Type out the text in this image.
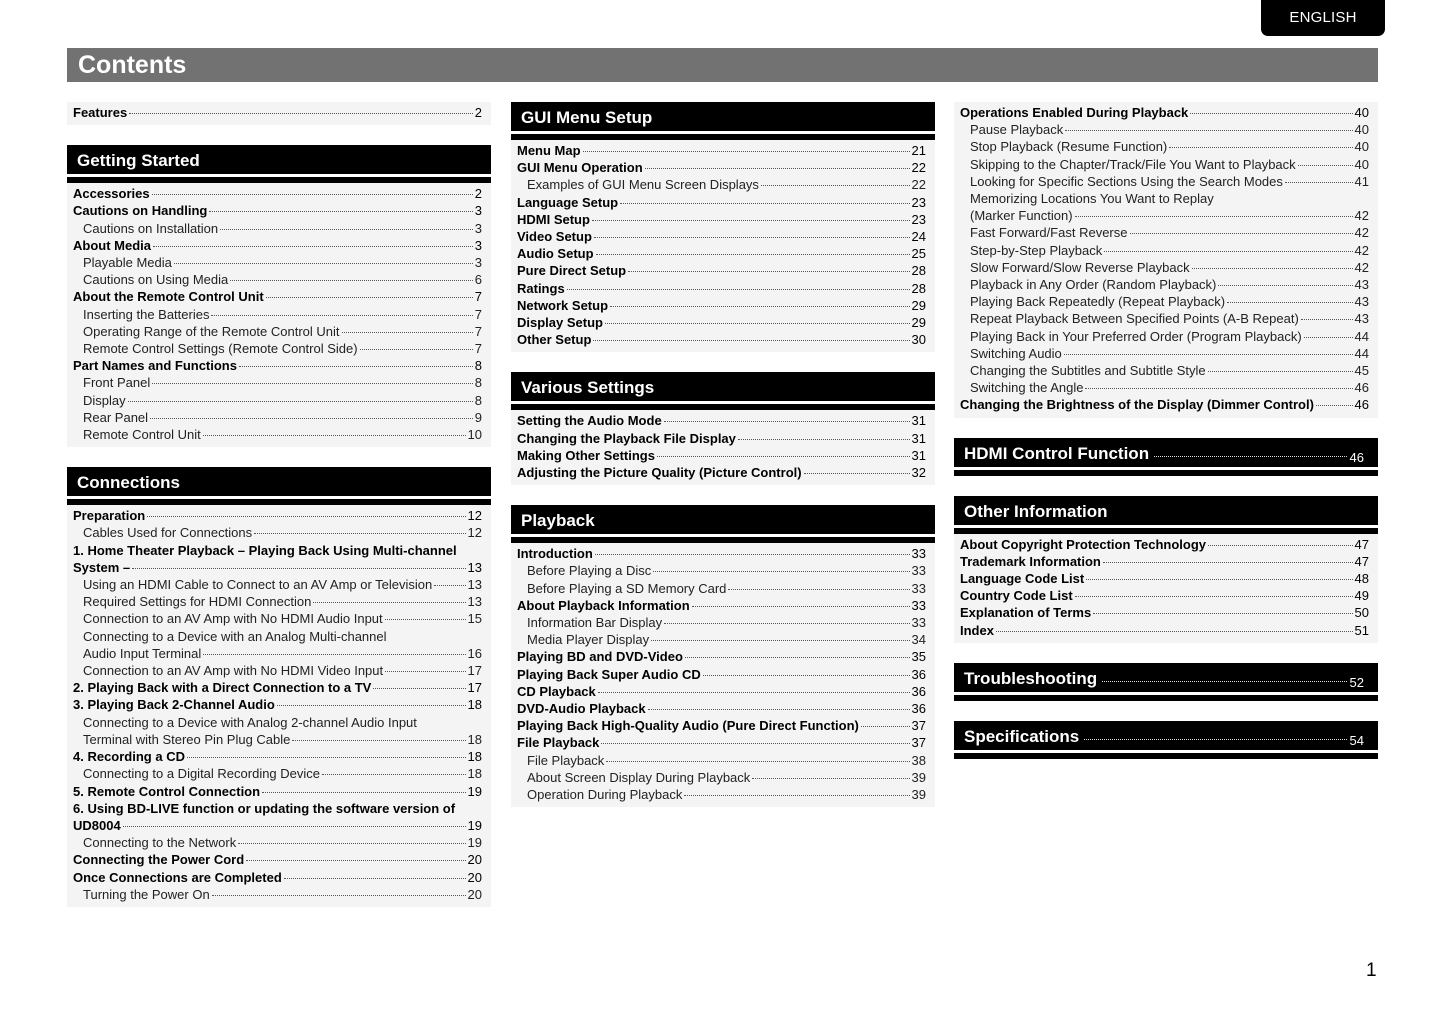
ENGLISH
Contents
Features	2
Getting Started
Accessories	2
Cautions on Handling	3
Cautions on Installation	3
About Media	3
Playable Media	3
Cautions on Using Media	6
About the Remote Control Unit	7
Inserting the Batteries	7
Operating Range of the Remote Control Unit	7
Remote Control Settings (Remote Control Side)	7
Part Names and Functions	8
Front Panel	8
Display	8
Rear Panel	9
Remote Control Unit	10
Connections
Preparation	12
Cables Used for Connections	12
1. Home Theater Playback – Playing Back Using Multi-channel
System –	13
Using an HDMI Cable to Connect to an AV Amp or Television	13
Required Settings for HDMI Connection	13
Connection to an AV Amp with No HDMI Audio Input	15
Connecting to a Device with an Analog Multi-channel
Audio Input Terminal	16
Connection to an AV Amp with No HDMI Video Input	17
2. Playing Back with a Direct Connection to a TV	17
3. Playing Back 2-Channel Audio	18
Connecting to a Device with Analog 2-channel Audio Input
Terminal with Stereo Pin Plug Cable	18
4. Recording a CD	18
Connecting to a Digital Recording Device	18
5. Remote Control Connection	19
6. Using BD-LIVE function or updating the software version of
UD8004	19
Connecting to the Network	19
Connecting the Power Cord	20
Once Connections are Completed	20
Turning the Power On	20
GUI Menu Setup
Menu Map	21
GUI Menu Operation	22
Examples of GUI Menu Screen Displays	22
Language Setup	23
HDMI Setup	23
Video Setup	24
Audio Setup	25
Pure Direct Setup	28
Ratings	28
Network Setup	29
Display Setup	29
Other Setup	30
Various Settings
Setting the Audio Mode	31
Changing the Playback File Display	31
Making Other Settings	31
Adjusting the Picture Quality (Picture Control)	32
Playback
Introduction	33
Before Playing a Disc	33
Before Playing a SD Memory Card	33
About Playback Information	33
Information Bar Display	33
Media Player Display	34
Playing BD and DVD-Video	35
Playing Back Super Audio CD	36
CD Playback	36
DVD-Audio Playback	36
Playing Back High-Quality Audio (Pure Direct Function)	37
File Playback	37
File Playback	38
About Screen Display During Playback	39
Operation During Playback	39
Operations Enabled During Playback	40
Pause Playback	40
Stop Playback (Resume Function)	40
Skipping to the Chapter/Track/File You Want to Playback	40
Looking for Specific Sections Using the Search Modes	41
Memorizing Locations You Want to Replay
(Marker Function)	42
Fast Forward/Fast Reverse	42
Step-by-Step Playback	42
Slow Forward/Slow Reverse Playback	42
Playback in Any Order (Random Playback)	43
Playing Back Repeatedly (Repeat Playback)	43
Repeat Playback Between Specified Points (A-B Repeat)	43
Playing Back in Your Preferred Order (Program Playback)	44
Switching Audio	44
Changing the Subtitles and Subtitle Style	45
Switching the Angle	46
Changing the Brightness of the Display (Dimmer Control)	46
HDMI Control Function	46
Other Information
About Copyright Protection Technology	47
Trademark Information	47
Language Code List	48
Country Code List	49
Explanation of Terms	50
Index	51
Troubleshooting	52
Specifications	54
1
